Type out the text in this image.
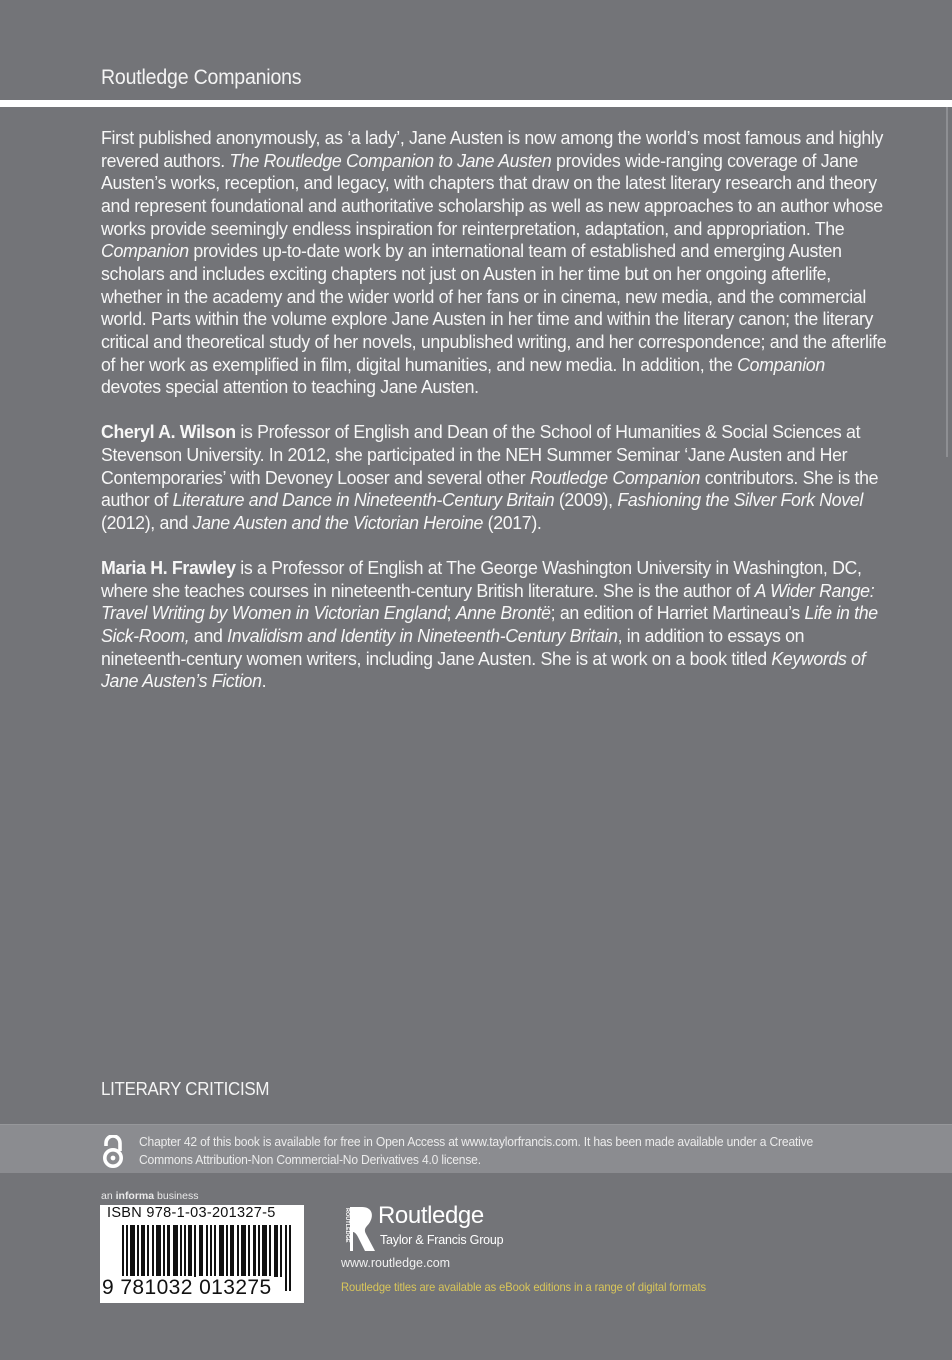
Routledge Companions

First published anonymously, as ‘a lady’, Jane Austen is now among the world’s most famous and highly revered authors. The Routledge Companion to Jane Austen provides wide-ranging coverage of Jane Austen’s works, reception, and legacy, with chapters that draw on the latest literary research and theory and represent foundational and authoritative scholarship as well as new approaches to an author whose works provide seemingly endless inspiration for reinterpretation, adaptation, and appropriation. The Companion provides up-to-date work by an international team of established and emerging Austen scholars and includes exciting chapters not just on Austen in her time but on her ongoing afterlife, whether in the academy and the wider world of her fans or in cinema, new media, and the commercial world. Parts within the volume explore Jane Austen in her time and within the literary canon; the literary critical and theoretical study of her novels, unpublished writing, and her correspondence; and the afterlife of her work as exemplified in film, digital humanities, and new media. In addition, the Companion devotes special attention to teaching Jane Austen.

Cheryl A. Wilson is Professor of English and Dean of the School of Humanities & Social Sciences at Stevenson University. In 2012, she participated in the NEH Summer Seminar ‘Jane Austen and Her Contemporaries’ with Devoney Looser and several other Routledge Companion contributors. She is the author of Literature and Dance in Nineteenth-Century Britain (2009), Fashioning the Silver Fork Novel (2012), and Jane Austen and the Victorian Heroine (2017).

Maria H. Frawley is a Professor of English at The George Washington University in Washington, DC, where she teaches courses in nineteenth-century British literature. She is the author of A Wider Range: Travel Writing by Women in Victorian England; Anne Brontë; an edition of Harriet Martineau’s Life in the Sick-Room, and Invalidism and Identity in Nineteenth-Century Britain, in addition to essays on nineteenth-century women writers, including Jane Austen. She is at work on a book titled Keywords of Jane Austen’s Fiction.

LITERARY CRITICISM
Chapter 42 of this book is available for free in Open Access at www.taylorfrancis.com. It has been made available under a Creative Commons Attribution-Non Commercial-No Derivatives 4.0 license.
an informa business
ISBN 978-1-03-201327-5
9 781032 013275
ROUTLEDGE Routledge
Taylor & Francis Group
www.routledge.com
Routledge titles are available as eBook editions in a range of digital formats
